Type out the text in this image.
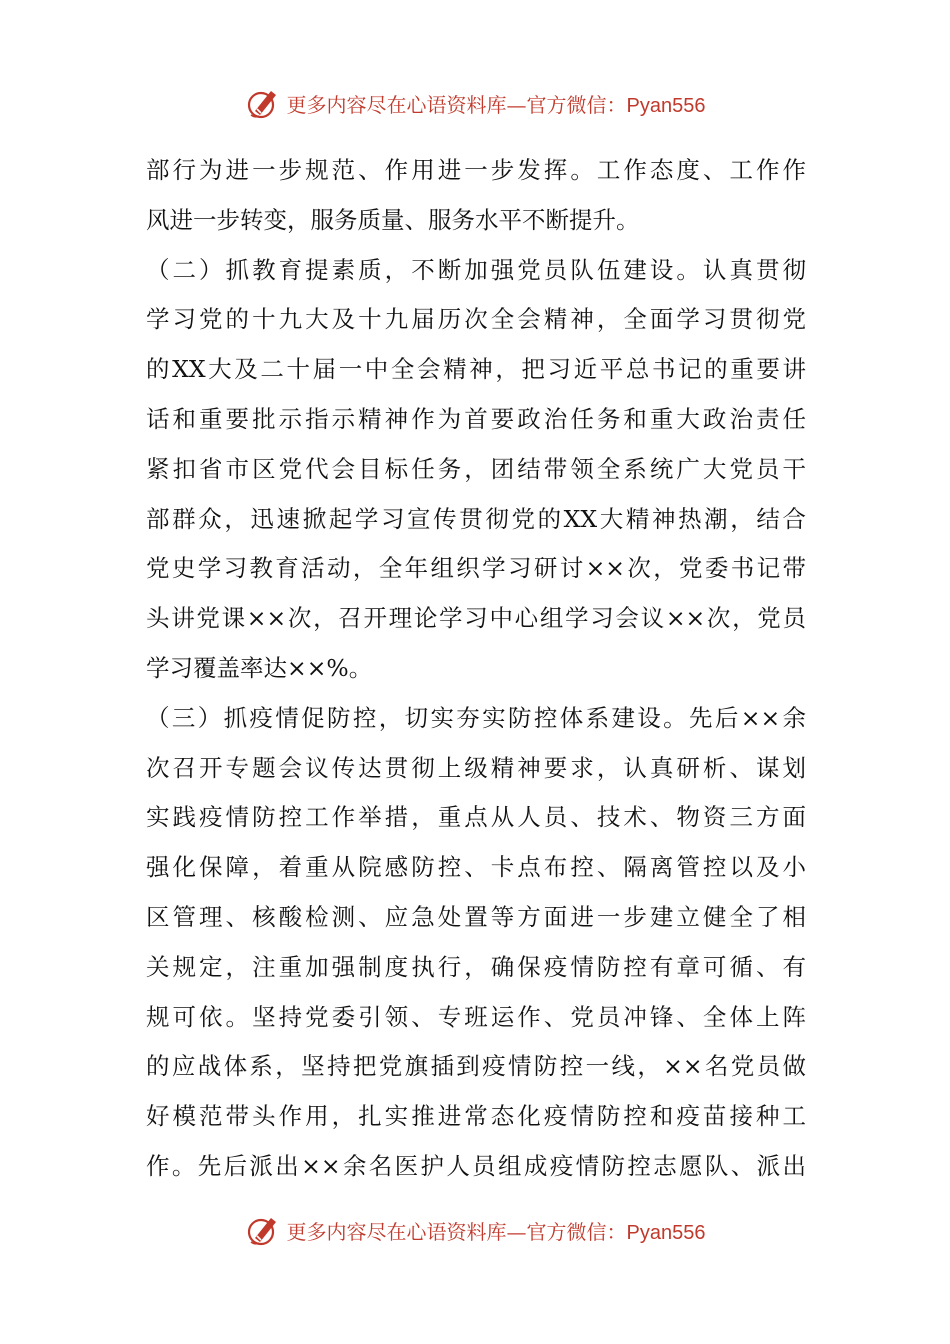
更多内容尽在心语资料库—官方微信：Pyan556
部行为进一步规范、作用进一步发挥。工作态度、工作作
风进一步转变，服务质量、服务水平不断提升。
（二）抓教育提素质，不断加强党员队伍建设。认真贯彻
学习党的十九大及十九届历次全会精神，全面学习贯彻党
的XX大及二十届一中全会精神，把习近平总书记的重要讲
话和重要批示指示精神作为首要政治任务和重大政治责任
紧扣省市区党代会目标任务，团结带领全系统广大党员干
部群众，迅速掀起学习宣传贯彻党的XX大精神热潮，结合
党史学习教育活动，全年组织学习研讨××次，党委书记带
头讲党课××次，召开理论学习中心组学习会议××次，党员
学习覆盖率达××%。
（三）抓疫情促防控，切实夯实防控体系建设。先后××余
次召开专题会议传达贯彻上级精神要求，认真研析、谋划
实践疫情防控工作举措，重点从人员、技术、物资三方面
强化保障，着重从院感防控、卡点布控、隔离管控以及小
区管理、核酸检测、应急处置等方面进一步建立健全了相
关规定，注重加强制度执行，确保疫情防控有章可循、有
规可依。坚持党委引领、专班运作、党员冲锋、全体上阵
的应战体系，坚持把党旗插到疫情防控一线，××名党员做
好模范带头作用，扎实推进常态化疫情防控和疫苗接种工
作。先后派出××余名医护人员组成疫情防控志愿队、派出
更多内容尽在心语资料库—官方微信：Pyan556
